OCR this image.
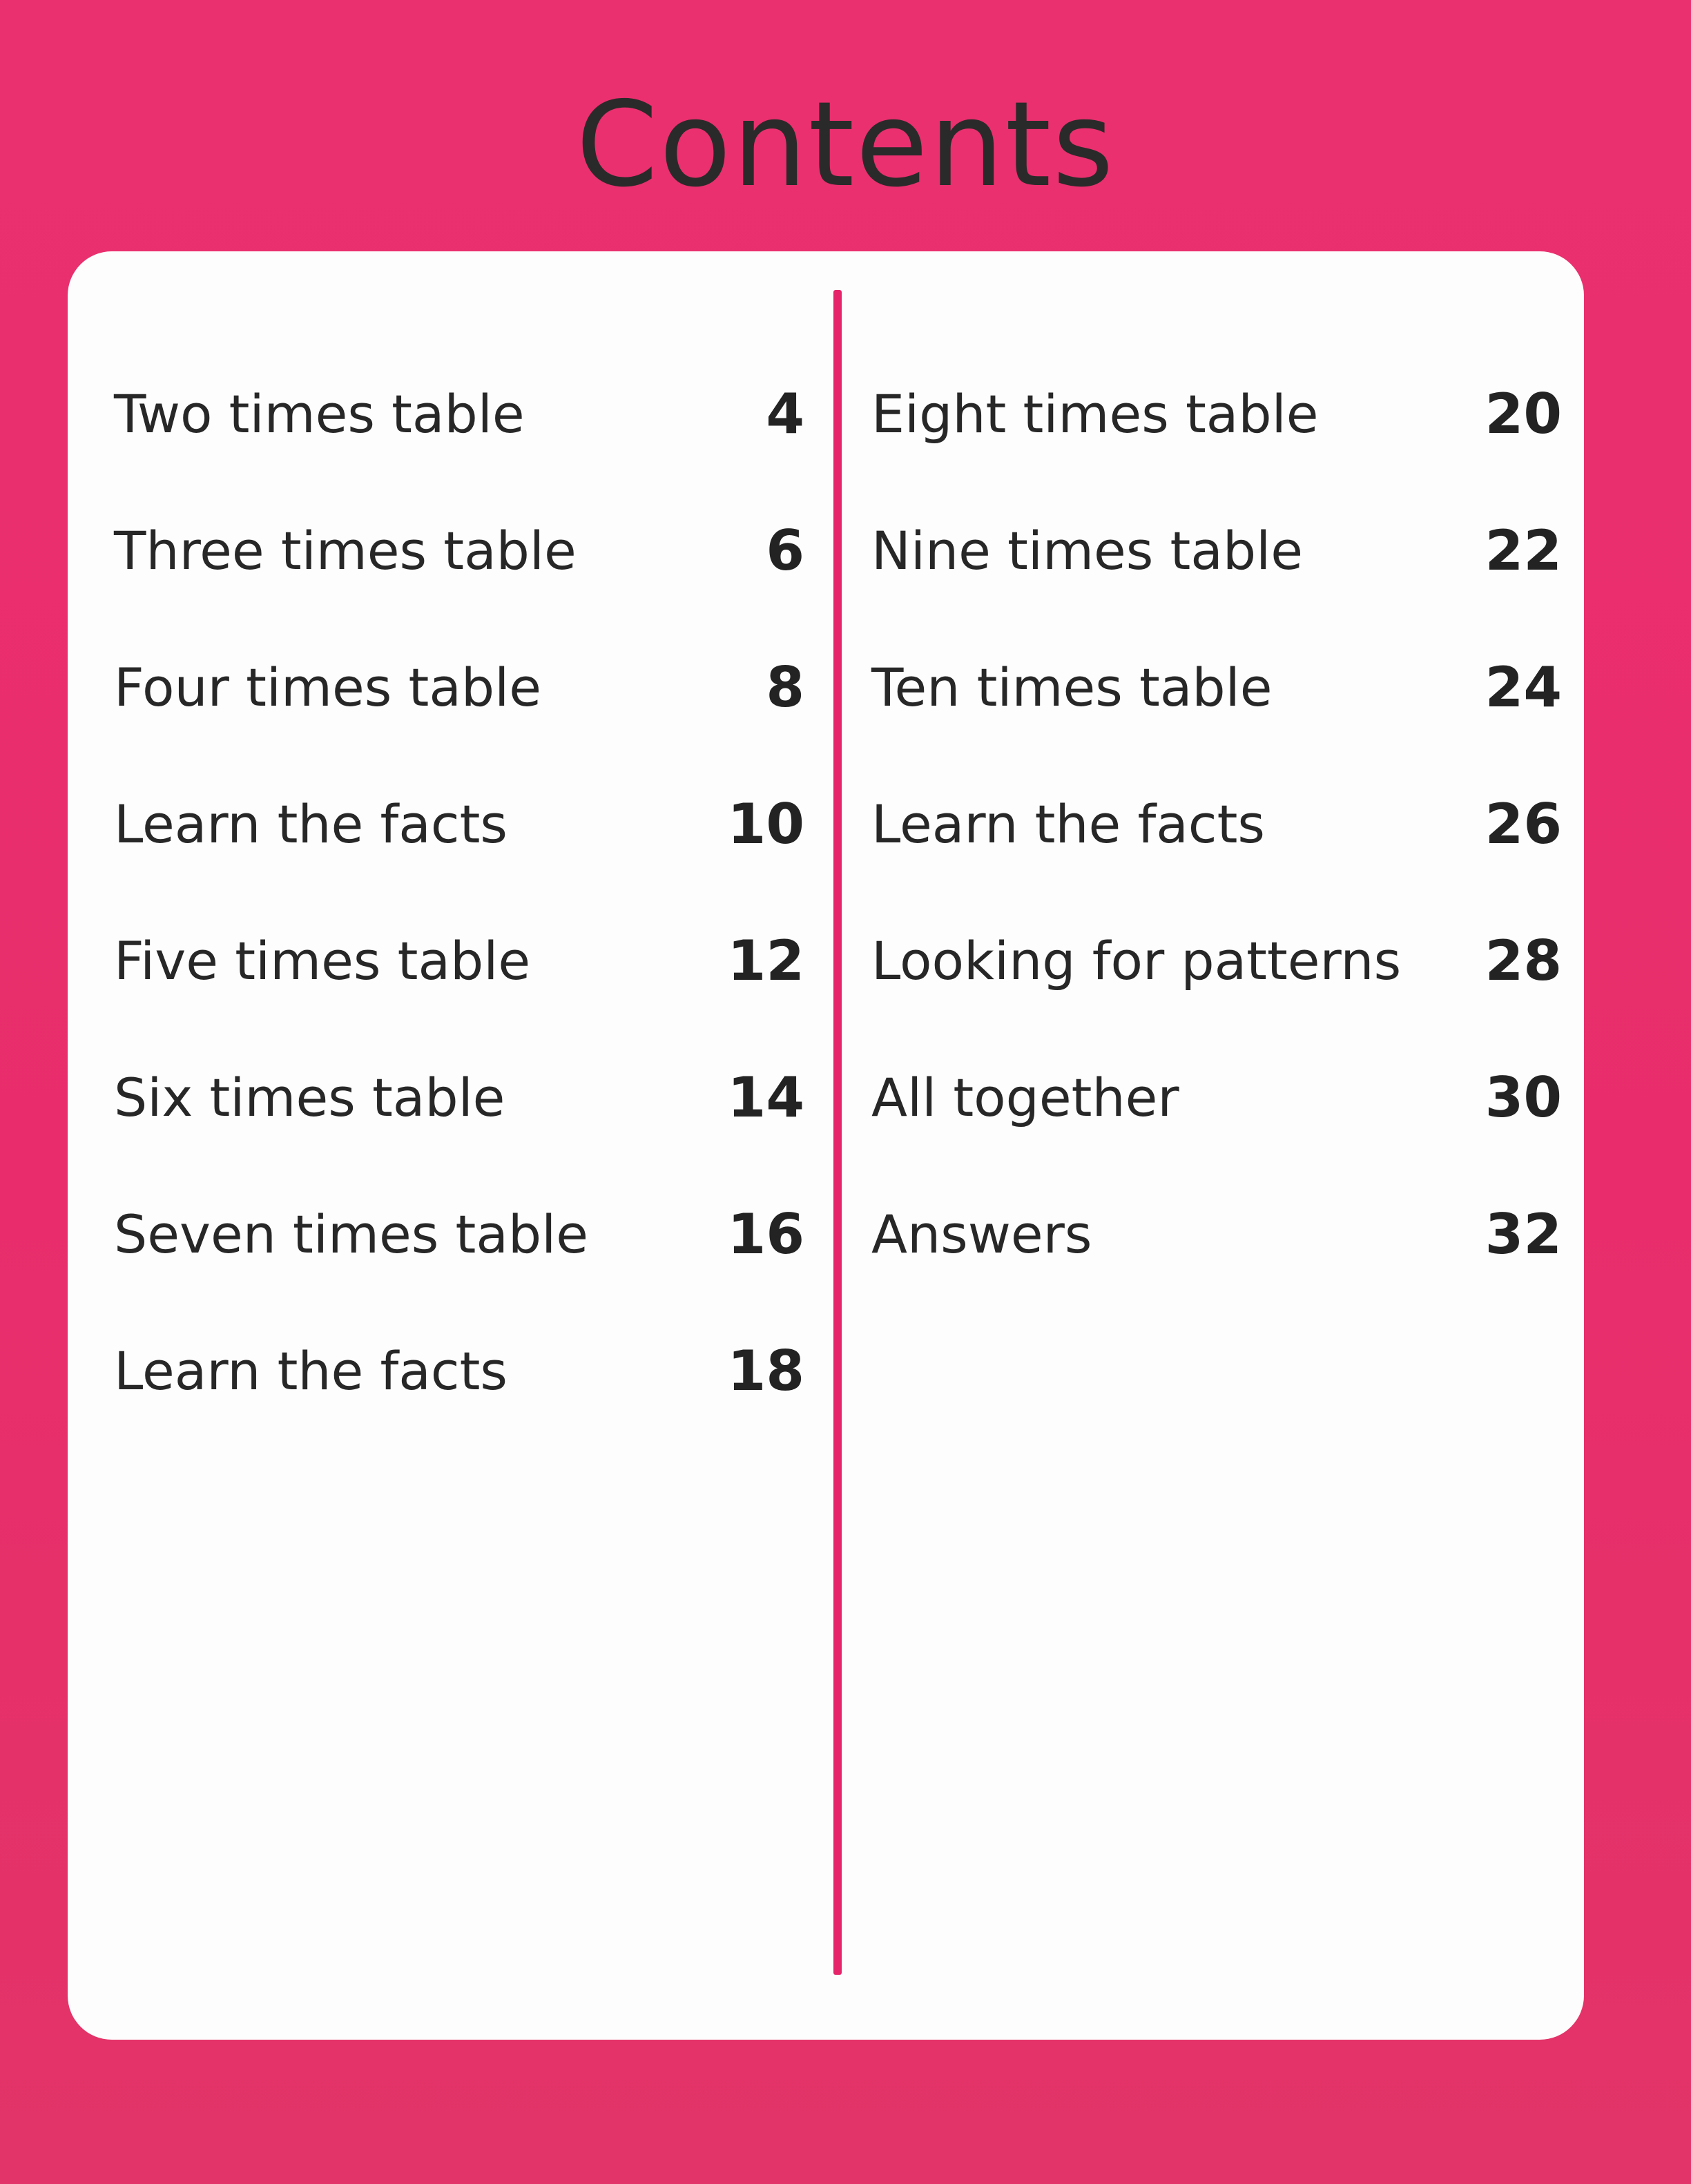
Contents
Two times table	4
Three times table	6
Four times table	8
Learn the facts	10
Five times table	12
Six times table	14
Seven times table	16
Learn the facts	18
Eight times table	20
Nine times table	22
Ten times table	24
Learn the facts	26
Looking for patterns 28
All together	30
Answers	32
